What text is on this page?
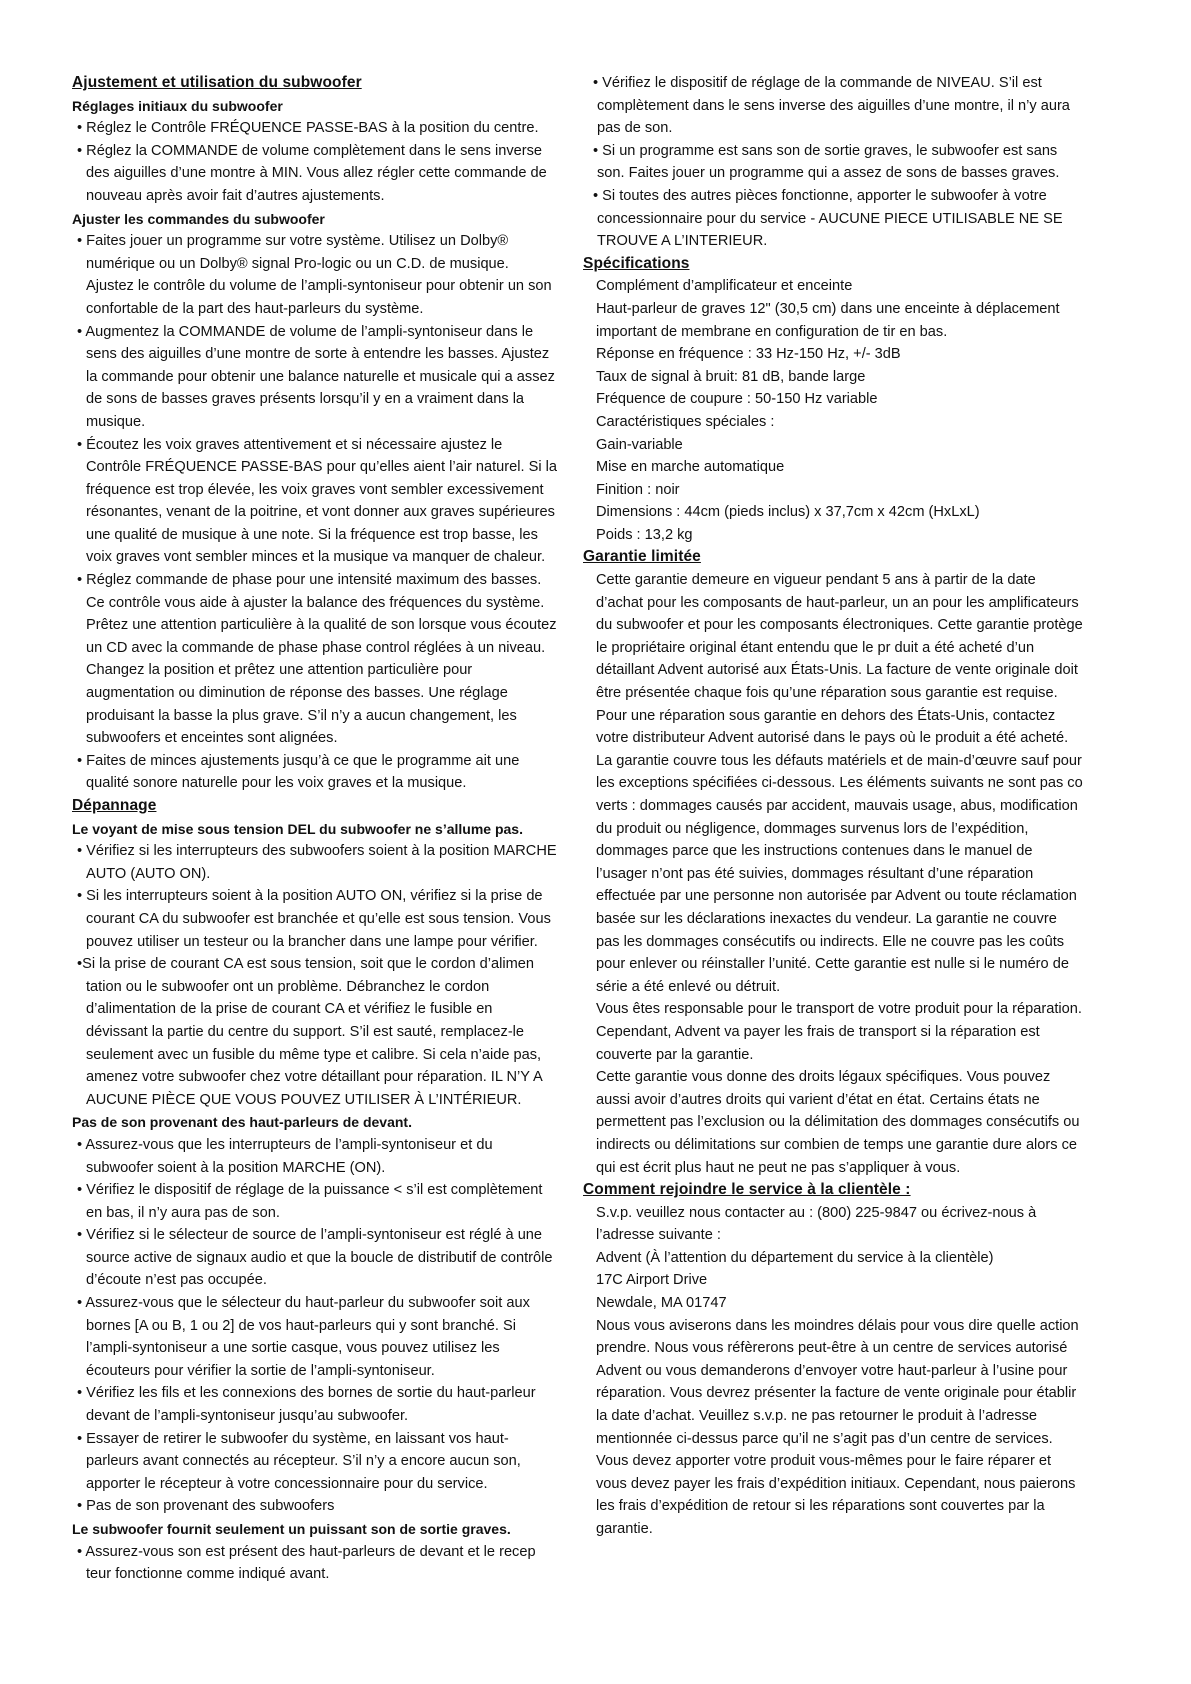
Ajustement et utilisation du subwoofer
Réglages initiaux du subwoofer
• Réglez le Contrôle FRÉQUENCE PASSE-BAS à la position du centre.
• Réglez la COMMANDE de volume complètement dans le sens inverse des aiguilles d’une montre à MIN. Vous allez régler cette commande de nouveau après avoir fait d’autres ajustements.
Ajuster les commandes du subwoofer
• Faites jouer un programme sur votre système. Utilisez un Dolby® numérique ou un Dolby® signal Pro-logic ou un C.D. de musique. Ajustez le contrôle du volume de l’ampli-syntoniseur pour obtenir un son confortable de la part des haut-parleurs du système.
• Augmentez la COMMANDE de volume de l’ampli-syntoniseur dans le sens des aiguilles d’une montre de sorte à entendre les basses. Ajustez la commande pour obtenir une balance naturelle et musicale qui a assez de sons de basses graves présents lorsqu’il y en a vraiment dans la musique.
• Écoutez les voix graves attentivement et si nécessaire ajustez le Contrôle FRÉQUENCE PASSE-BAS pour qu’elles aient l’air naturel. Si la fréquence est trop élevée, les voix graves vont sembler excessivement résonantes, venant de la poitrine, et vont donner aux graves supérieures une qualité de musique à une note. Si la fréquence est trop basse, les voix graves vont sembler minces et la musique va manquer de chaleur.
• Réglez commande de phase pour une intensité maximum des basses. Ce contrôle vous aide à ajuster la balance des fréquences du système. Prêtez une attention particulière à la qualité de son lorsque vous écoutez un CD avec la commande de phase phase control réglées à un niveau. Changez la position et prêtez une attention particulière pour augmentation ou diminution de réponse des basses. Une réglage produisant la basse la plus grave. S’il n’y a aucun changement, les subwoofers et enceintes sont alignées.
• Faites de minces ajustements jusqu’à ce que le programme ait une qualité sonore naturelle pour les voix graves et la musique.
Dépannage
Le voyant de mise sous tension DEL du subwoofer ne s’allume pas.
• Vérifiez si les interrupteurs des subwoofers soient à la position MARCHE AUTO (AUTO ON).
• Si les interrupteurs soient à la position AUTO ON, vérifiez si la prise de courant CA du subwoofer est branchée et qu’elle est sous tension. Vous pouvez utiliser un testeur ou la brancher dans une lampe pour vérifier.
•Si la prise de courant CA est sous tension, soit que le cordon d’alimen tation ou le subwoofer ont un problème. Débranchez le cordon d’alimentation de la prise de courant CA et vérifiez le fusible en dévissant la partie du centre du support. S’il est sauté, remplacez-le seulement avec un fusible du même type et calibre. Si cela n’aide pas, amenez votre subwoofer chez votre détaillant pour réparation. IL N’Y A AUCUNE PIÈCE QUE VOUS POUVEZ UTILISER À L’INTÉRIEUR.
Pas de son provenant des haut-parleurs de devant.
• Assurez-vous que les interrupteurs de l’ampli-syntoniseur et du subwoofer soient à la position MARCHE (ON).
• Vérifiez le dispositif de réglage de la puissance < s’il est complètement en bas, il n’y aura pas de son.
• Vérifiez si le sélecteur de source de l’ampli-syntoniseur est réglé à une source active de signaux audio et que la boucle de distributif de contrôle d’écoute n’est pas occupée.
• Assurez-vous que le sélecteur du haut-parleur du subwoofer soit aux bornes [A ou B, 1 ou 2] de vos haut-parleurs qui y sont branché. Si l’ampli-syntoniseur a une sortie casque, vous pouvez utilisez les écouteurs pour vérifier la sortie de l’ampli-syntoniseur.
• Vérifiez les fils et les connexions des bornes de sortie du haut-parleur devant de l’ampli-syntoniseur jusqu’au subwoofer.
• Essayer de retirer le subwoofer du système, en laissant vos haut-parleurs avant connectés au récepteur. S’il n’y a encore aucun son, apporter le récepteur à votre concessionnaire pour du service.
• Pas de son provenant des subwoofers
Le subwoofer fournit seulement un puissant son de sortie graves.
• Assurez-vous son est présent des haut-parleurs de devant et le recep teur fonctionne comme indiqué avant.
• Vérifiez le dispositif de réglage de la commande de NIVEAU. S’il est complètement dans le sens inverse des aiguilles d’une montre, il n’y aura pas de son.
• Si un programme est sans son de sortie graves, le subwoofer est sans son. Faites jouer un programme qui a assez de sons de basses graves.
• Si toutes des autres pièces fonctionne, apporter le subwoofer à votre concessionnaire pour du service - AUCUNE PIECE UTILISABLE NE SE TROUVE A L’INTERIEUR.
Spécifications
Complément d’amplificateur et enceinte
Haut-parleur de graves 12" (30,5 cm) dans une enceinte à déplacement important de membrane en configuration de tir en bas.
Réponse en fréquence : 33 Hz-150 Hz, +/- 3dB
Taux de signal à bruit: 81 dB, bande large
Fréquence de coupure : 50-150 Hz variable
Caractéristiques spéciales :
Gain-variable
Mise en marche automatique
Finition : noir
Dimensions : 44cm (pieds inclus) x 37,7cm x 42cm (HxLxL)
Poids : 13,2 kg
Garantie limitée
Cette garantie demeure en vigueur pendant 5 ans à partir de la date d’achat pour les composants de haut-parleur, un an pour les amplificateurs du subwoofer et pour les composants électroniques. Cette garantie protège le propriétaire original étant entendu que le pr duit a été acheté d’un détaillant Advent autorisé aux États-Unis. La facture de vente originale doit être présentée chaque fois qu’une réparation sous garantie est requise. Pour une réparation sous garantie en dehors des États-Unis, contactez votre distributeur Advent autorisé dans le pays où le produit a été acheté. La garantie couvre tous les défauts matériels et de main-d’œuvre sauf pour les exceptions spécifiées ci-dessous. Les éléments suivants ne sont pas co verts : dommages causés par accident, mauvais usage, abus, modification du produit ou négligence, dommages survenus lors de l’expédition, dommages parce que les instructions contenues dans le manuel de l’usager n’ont pas été suivies, dommages résultant d’une réparation effectuée par une personne non autorisée par Advent ou toute réclamation basée sur les déclarations inexactes du vendeur. La garantie ne couvre pas les dommages consécutifs ou indirects. Elle ne couvre pas les coûts pour enlever ou réinstaller l’unité. Cette garantie est nulle si le numéro de série a été enlevé ou détruit.
Vous êtes responsable pour le transport de votre produit pour la réparation. Cependant, Advent va payer les frais de transport si la réparation est couverte par la garantie.
Cette garantie vous donne des droits légaux spécifiques. Vous pouvez aussi avoir d’autres droits qui varient d’état en état. Certains états ne permettent pas l’exclusion ou la délimitation des dommages consécutifs ou indirects ou délimitations sur combien de temps une garantie dure alors ce qui est écrit plus haut ne peut ne pas s’appliquer à vous.
Comment rejoindre le service à la clientèle :
S.v.p. veuillez nous contacter au : (800) 225-9847 ou écrivez-nous à l’adresse suivante :
Advent (À l’attention du département du service à la clientèle)
17C Airport Drive
Newdale, MA 01747
Nous vous aviserons dans les moindres délais pour vous dire quelle action prendre. Nous vous réfèrerons peut-être à un centre de services autorisé Advent ou vous demanderons d’envoyer votre haut-parleur à l’usine pour réparation. Vous devrez présenter la facture de vente originale pour établir la date d’achat. Veuillez s.v.p. ne pas retourner le produit à l’adresse mentionnée ci-dessus parce qu’il ne s’agit pas d’un centre de services. Vous devez apporter votre produit vous-mêmes pour le faire réparer et vous devez payer les frais d’expédition initiaux. Cependant, nous paierons les frais d’expédition de retour si les réparations sont couvertes par la garantie.
